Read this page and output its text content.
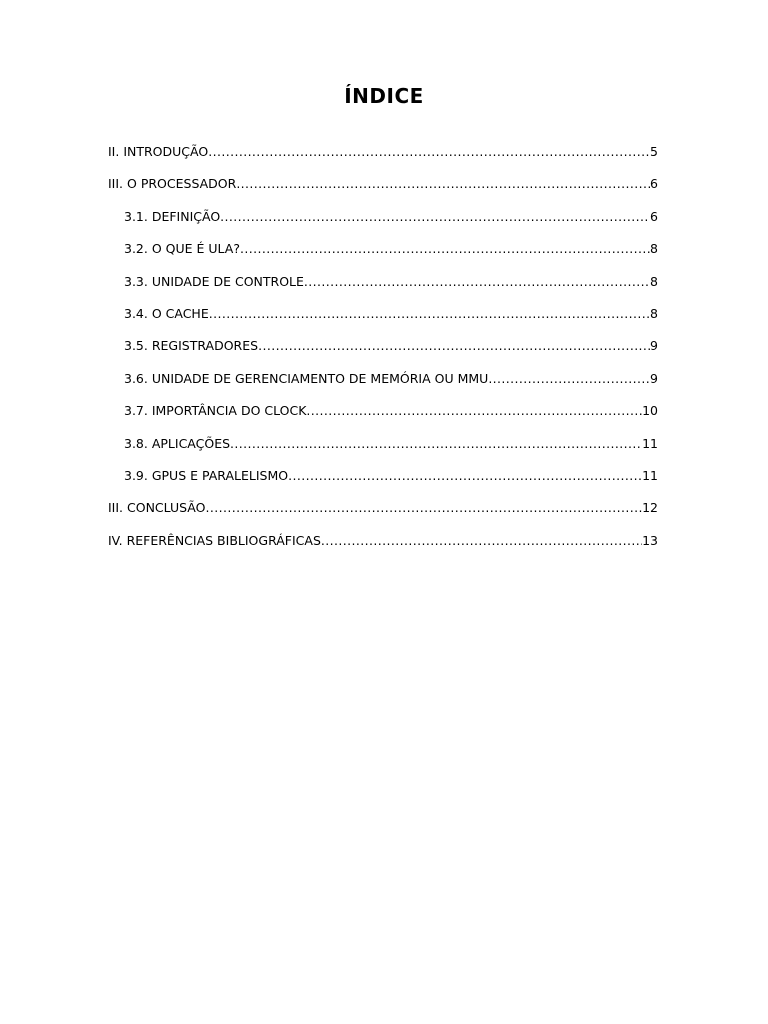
ÍNDICE
II. INTRODUÇÃO .....	5
III. O PROCESSADOR .....	6
3.1. DEFINIÇÃO .....	6
3.2. O QUE É ULA? .....	8
3.3. UNIDADE DE CONTROLE .....	8
3.4. O CACHE .....	8
3.5. REGISTRADORES .....	9
3.6. UNIDADE DE GERENCIAMENTO DE MEMÓRIA OU MMU .....	9
3.7. IMPORTÂNCIA DO CLOCK .....	10
3.8. APLICAÇÕES .....	11
3.9. GPUS E PARALELISMO .....	11
III. CONCLUSÃO .....	12
IV. REFERÊNCIAS BIBLIOGRÁFICAS .....	13
